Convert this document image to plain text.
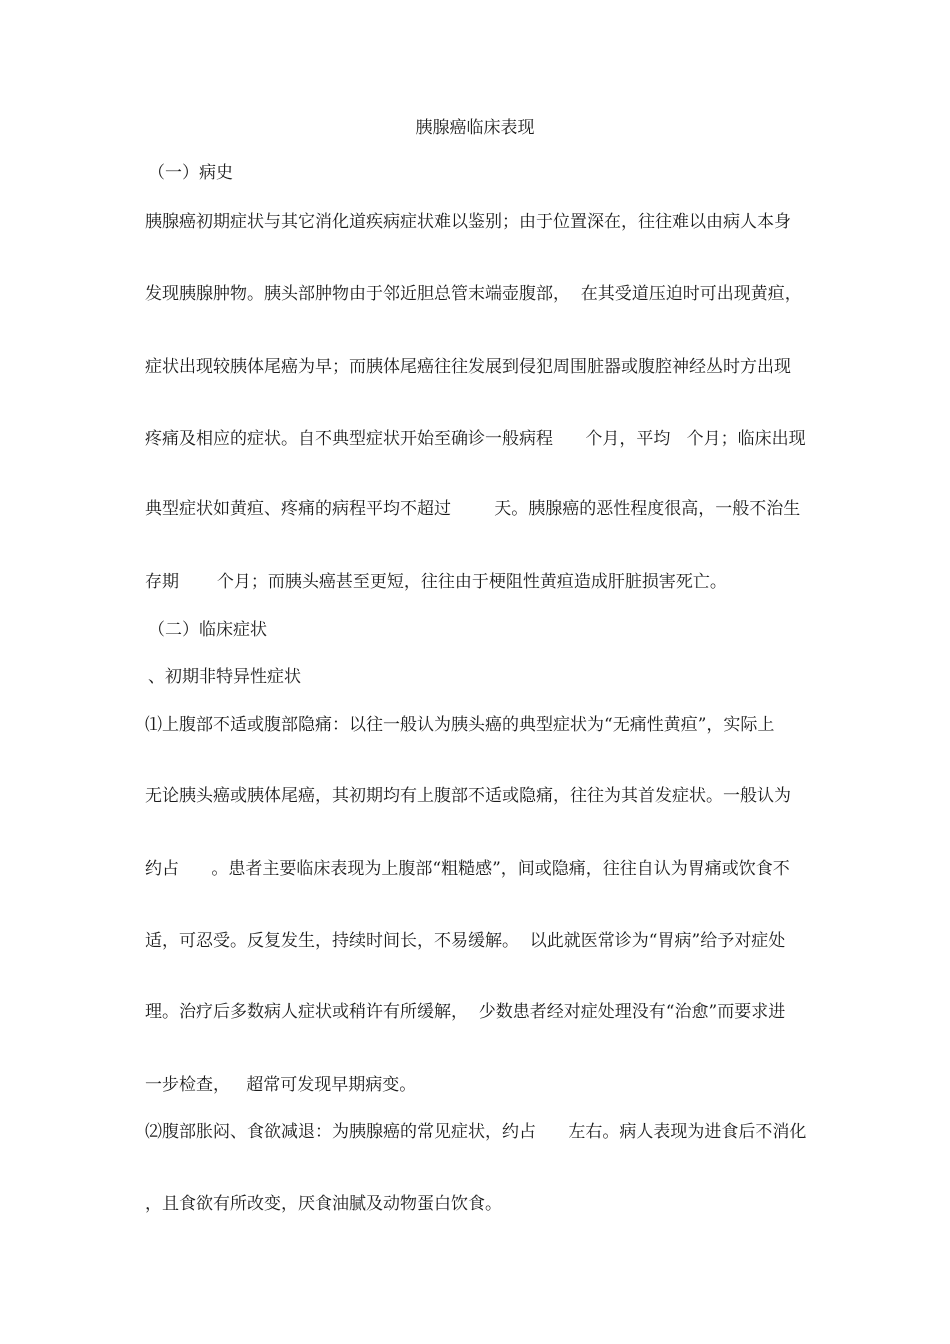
胰腺癌临床表现
（一）病史
胰腺癌初期症状与其它消化道疾病症状难以鉴别；由于位置深在，往往难以由病人本身
发现胰腺肿物。胰头部肿物由于邻近胆总管末端壶腹部，  在其受道压迫时可出现黄疸，
症状出现较胰体尾癌为早；而胰体尾癌往往发展到侵犯周围脏器或腹腔神经丛时方出现
疼痛及相应的症状。自不典型症状开始至确诊一般病程      个月，平均   个月；临床出现
典型症状如黄疸、疼痛的病程平均不超过        天。胰腺癌的恶性程度很高，一般不治生
存期       个月；而胰头癌甚至更短，往往由于梗阻性黄疸造成肝脏损害死亡。
（二）临床症状
、初期非特异性症状
⑴上腹部不适或腹部隐痛：以往一般认为胰头癌的典型症状为“无痛性黄疸”，实际上
无论胰头癌或胰体尾癌，其初期均有上腹部不适或隐痛，往往为其首发症状。一般认为
约占      。患者主要临床表现为上腹部“粗糙感”，间或隐痛，往往自认为胃痛或饮食不
适，可忍受。反复发生，持续时间长，不易缓解。  以此就医常诊为“胃病”给予对症处
理。治疗后多数病人症状或稍许有所缓解，  少数患者经对症处理没有“治愈”而要求进
一步检查，   超常可发现早期病变。
⑵腹部胀闷、食欲减退：为胰腺癌的常见症状，约占      左右。病人表现为进食后不消化
，且食欲有所改变，厌食油腻及动物蛋白饮食。
